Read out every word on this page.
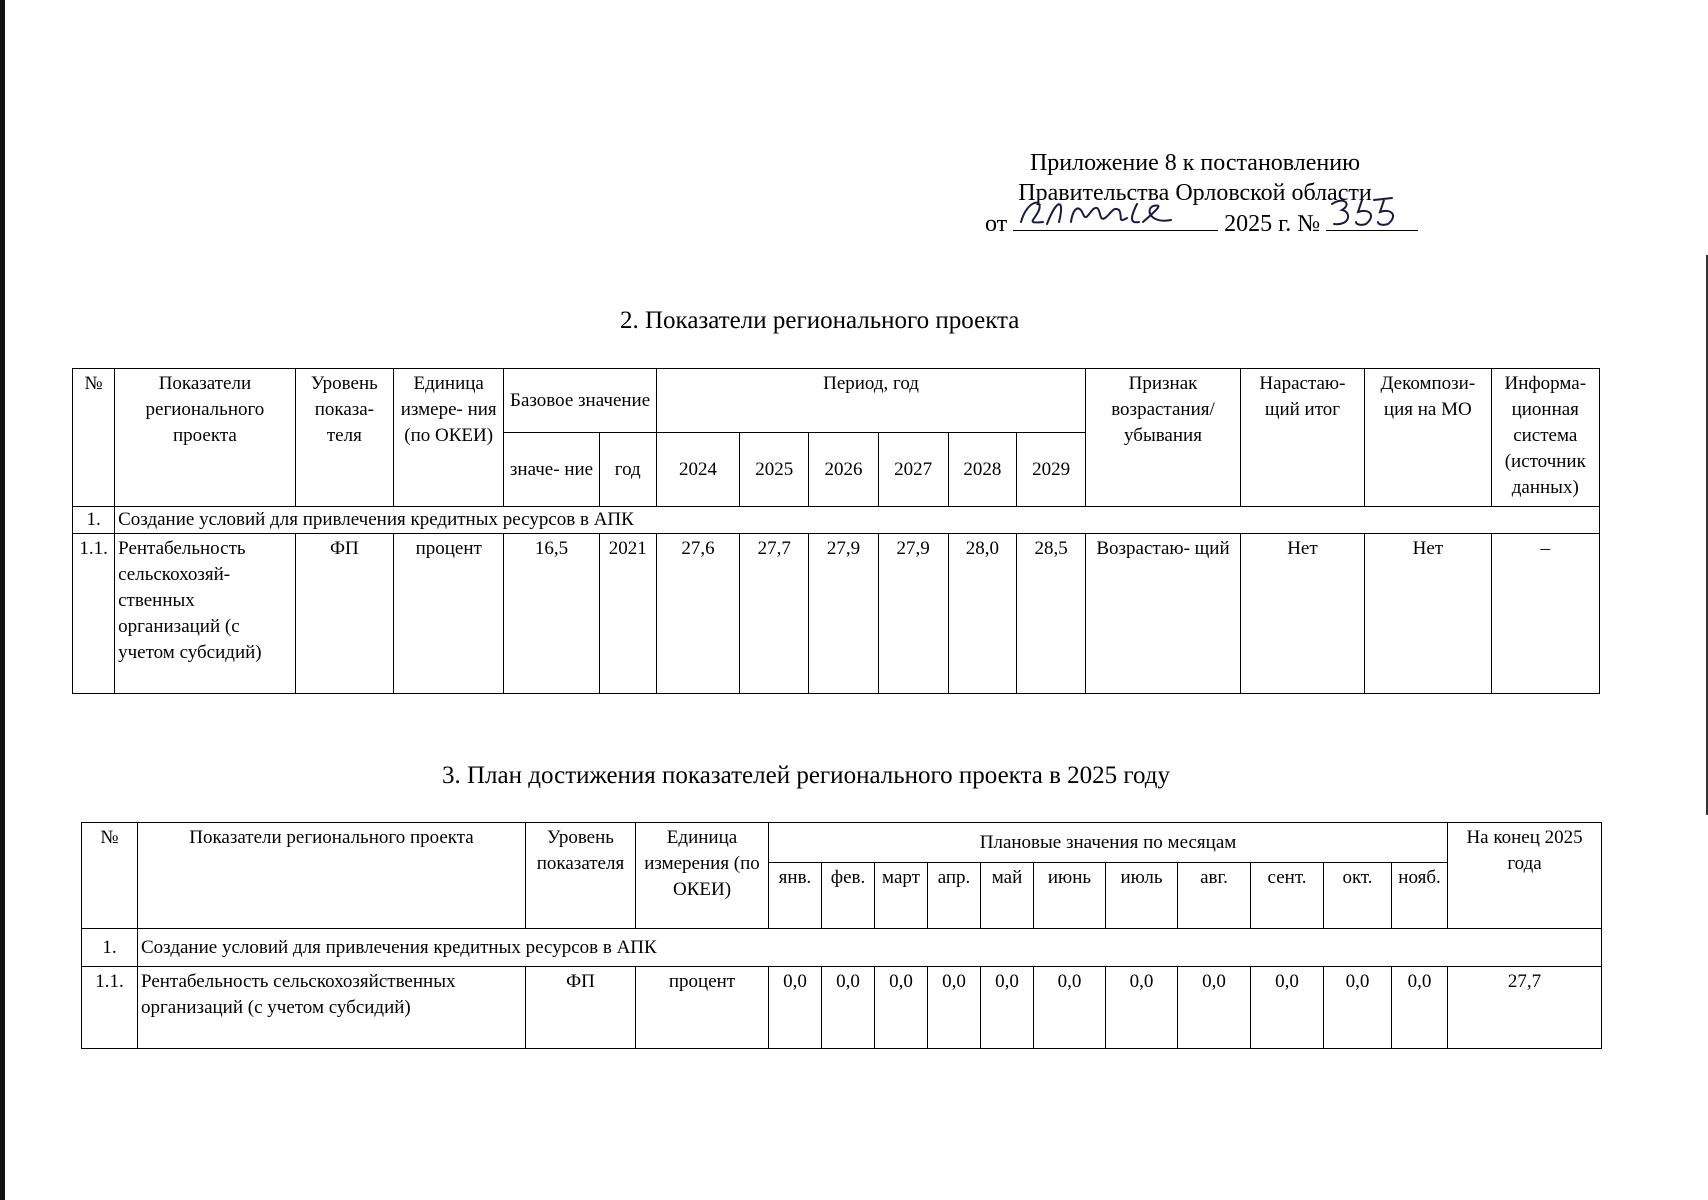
Приложение 8 к постановлению
Правительства Орловской области
от	2025 г. №
2. Показатели регионального проекта
№	Показатели регионального проекта	Уровень показа- теля	Единица измере- ния (по ОКЕИ)	Базовое значение		Период, год						Признак возрастания/ убывания	Нарастаю- щий итог	Декомпози- ция на МО	Информа- ционная система (источник данных)
				значе- ние	год	2024	2025	2026	2027	2028	2029				
1.	Создание условий для привлечения кредитных ресурсов в АПК														
1.1.	Рентабельность сельскохозяй- ственных организаций (с учетом субсидий)	ФП	процент	16,5	2021	27,6	27,7	27,9	27,9	28,0	28,5	Возрастаю- щий	Нет	Нет	–
3. План достижения показателей регионального проекта в 2025 году
№	Показатели регионального проекта	Уровень показателя	Единица измерения (по ОКЕИ)	Плановые значения по месяцам											На конец 2025 года
				янв.	фев.	март	апр.	май	июнь	июль	авг.	сент.	окт.	нояб.	
1.	Создание условий для привлечения кредитных ресурсов в АПК														
1.1.	Рентабельность сельскохозяйственных организаций (с учетом субсидий)	ФП	процент	0,0	0,0	0,0	0,0	0,0	0,0	0,0	0,0	0,0	0,0	0,0	27,7
